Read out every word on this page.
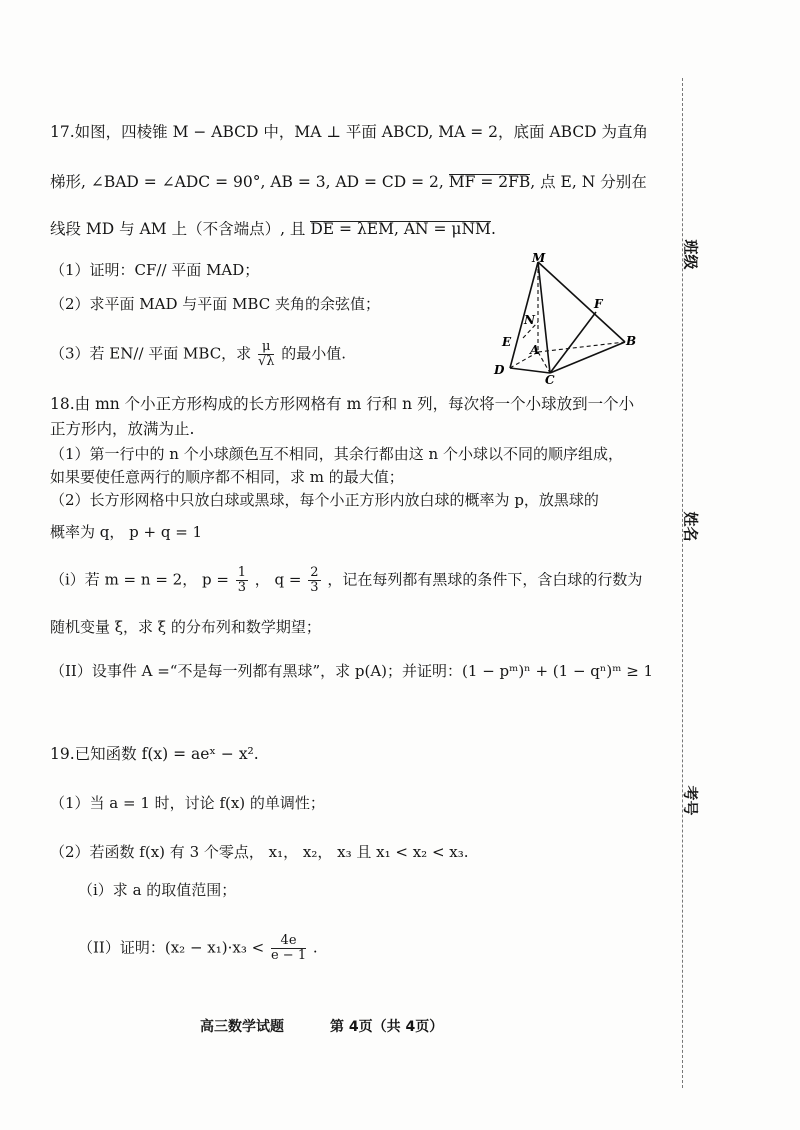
17.如图，四棱锥 M − ABCD 中，MA ⊥ 平面 ABCD, MA = 2，底面 ABCD 为直角
梯形, ∠BAD = ∠ADC = 90°, AB = 3, AD = CD = 2, MF = 2FB, 点 E, N 分别在
线段 MD 与 AM 上（不含端点）, 且 DE = λEM, AN = μNM.
（1）证明：CF// 平面 MAD；
（2）求平面 MAD 与平面 MBC 夹角的余弦值；
（3）若 EN// 平面 MBC，求 $\frac{\mu}{√\lambda}$ 的最小值.
M
F
N
E
A
B
D
C
18.由 mn 个小正方形构成的长方形网格有 m 行和 n 列，每次将一个小球放到一个小
正方形内，放满为止.
（1）第一行中的 n 个小球颜色互不相同，其余行都由这 n 个小球以不同的顺序组成，
如果要使任意两行的顺序都不相同，求 m 的最大值；
（2）长方形网格中只放白球或黑球，每个小正方形内放白球的概率为 p，放黑球的
概率为 q， p + q = 1
（i）若 m = n = 2， $p = \frac{1}{3}$ ， $q = \frac{2}{3}$ ，记在每列都有黑球的条件下，含白球的行数为
随机变量 ξ，求 ξ 的分布列和数学期望；
（II）设事件 A =“不是每一列都有黑球”，求 p(A)；并证明：(1 − pᵐ)ⁿ + (1 − qⁿ)ᵐ ≥ 1
19.已知函数 f(x) = aeˣ − x².
（1）当 a = 1 时，讨论 f(x) 的单调性；
（2）若函数 f(x) 有 3 个零点， x₁， x₂， x₃ 且 x₁ < x₂ < x₃.
（i）求 a 的取值范围；
（II）证明：$(x_2 - x_1)\cdot x_3 < \frac{4e}{e - 1}$ .
班级
姓名
考号
高三数学试题	第 4页（共 4页）
